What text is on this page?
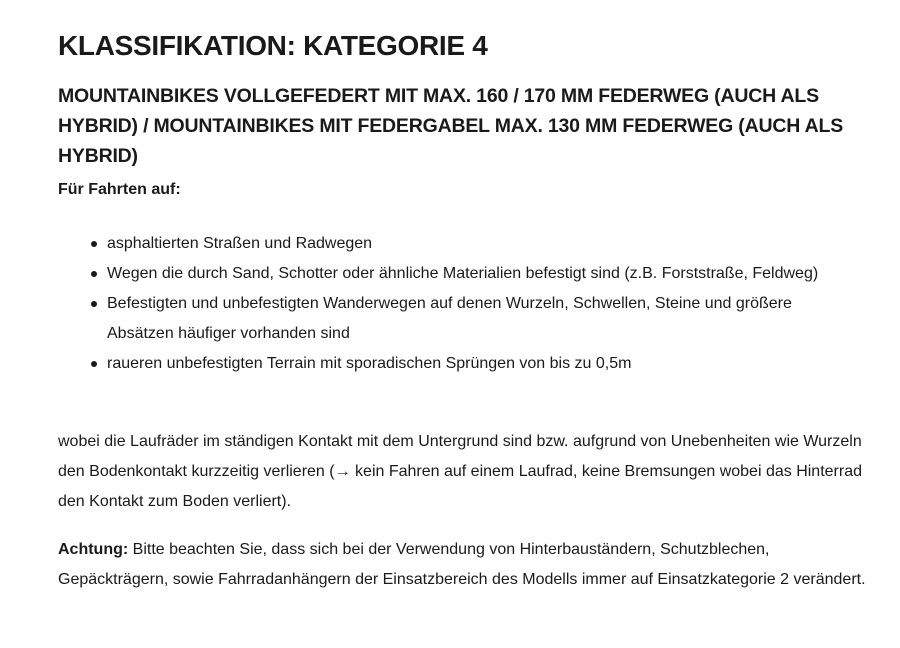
KLASSIFIKATION: KATEGORIE 4
MOUNTAINBIKES VOLLGEFEDERT MIT MAX. 160 / 170 MM FEDERWEG (AUCH ALS HYBRID) / MOUNTAINBIKES MIT FEDERGABEL MAX. 130 MM FEDERWEG (AUCH ALS HYBRID)

Für Fahrten auf:

asphaltierten Straßen und Radwegen
Wegen die durch Sand, Schotter oder ähnliche Materialien befestigt sind (z.B. Forststraße, Feldweg)
Befestigten und unbefestigten Wanderwegen auf denen Wurzeln, Schwellen, Steine und größere Absätzen häufiger vorhanden sind
raueren unbefestigten Terrain mit sporadischen Sprüngen von bis zu 0,5m

wobei die Laufräder im ständigen Kontakt mit dem Untergrund sind bzw. aufgrund von Unebenheiten wie Wurzeln den Bodenkontakt kurzzeitig verlieren (→ kein Fahren auf einem Laufrad, keine Bremsungen wobei das Hinterrad den Kontakt zum Boden verliert).

Achtung: Bitte beachten Sie, dass sich bei der Verwendung von Hinterbauständern, Schutzblechen, Gepäckträgern, sowie Fahrradanhängern der Einsatzbereich des Modells immer auf Einsatzkategorie 2 verändert.
